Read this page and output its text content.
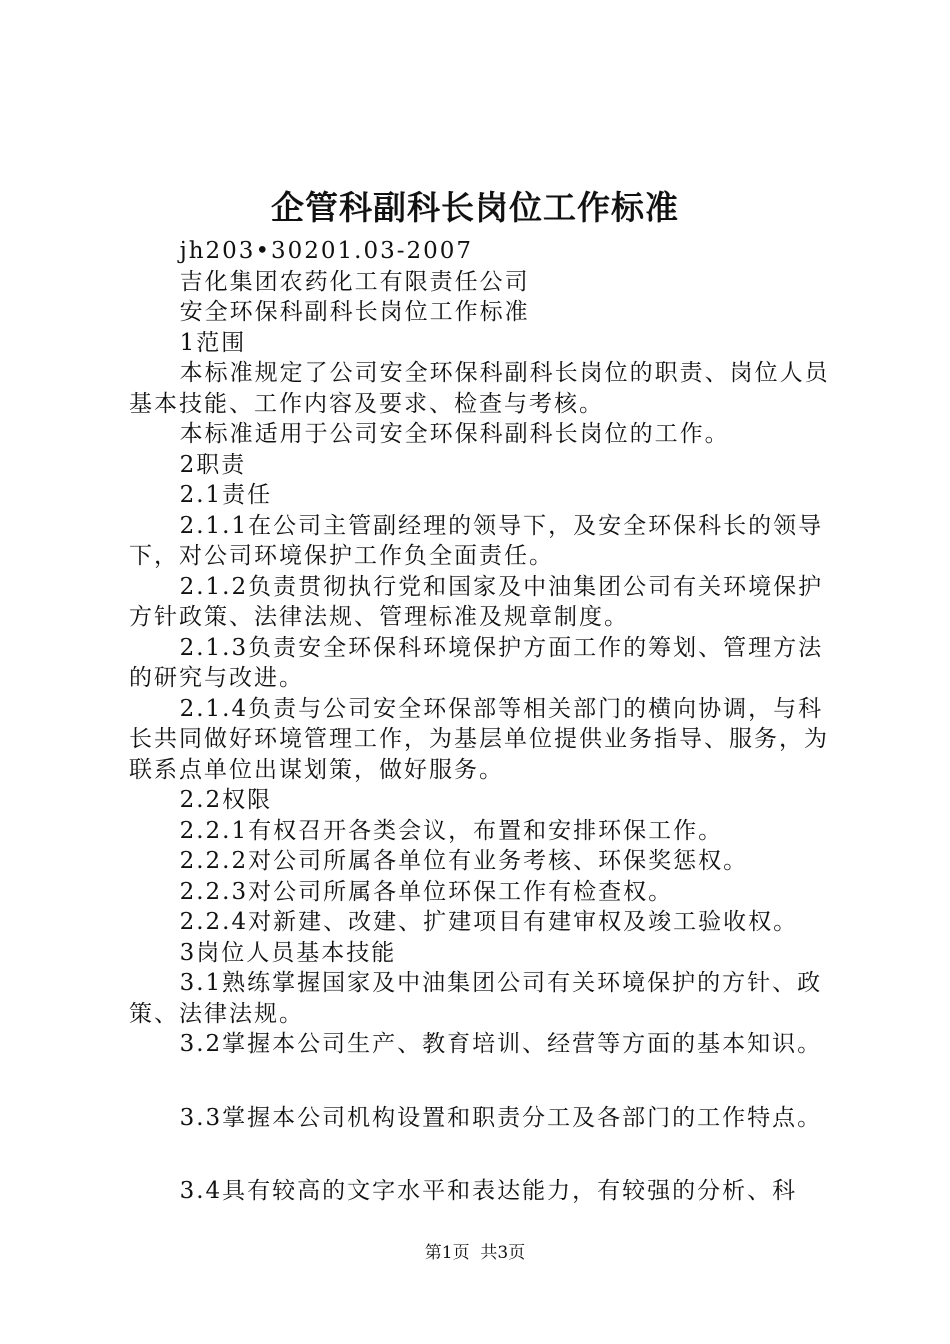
企管科副科长岗位工作标准

jh203•30201.03-2007

吉化集团农药化工有限责任公司

安全环保科副科长岗位工作标准

1范围

本标准规定了公司安全环保科副科长岗位的职责、岗位人员基本技能、工作内容及要求、检查与考核。

本标准适用于公司安全环保科副科长岗位的工作。

2职责

2.1责任

2.1.1在公司主管副经理的领导下，及安全环保科长的领导下，对公司环境保护工作负全面责任。

2.1.2负责贯彻执行党和国家及中油集团公司有关环境保护方针政策、法律法规、管理标准及规章制度。

2.1.3负责安全环保科环境保护方面工作的筹划、管理方法的研究与改进。

2.1.4负责与公司安全环保部等相关部门的横向协调，与科长共同做好环境管理工作，为基层单位提供业务指导、服务，为联系点单位出谋划策，做好服务。

2.2权限

2.2.1有权召开各类会议，布置和安排环保工作。

2.2.2对公司所属各单位有业务考核、环保奖惩权。

2.2.3对公司所属各单位环保工作有检查权。

2.2.4对新建、改建、扩建项目有建审权及竣工验收权。

3岗位人员基本技能

3.1熟练掌握国家及中油集团公司有关环境保护的方针、政策、法律法规。

3.2掌握本公司生产、教育培训、经营等方面的基本知识。

3.3掌握本公司机构设置和职责分工及各部门的工作特点。

3.4具有较高的文字水平和表达能力，有较强的分析、科

第1页 共3页
